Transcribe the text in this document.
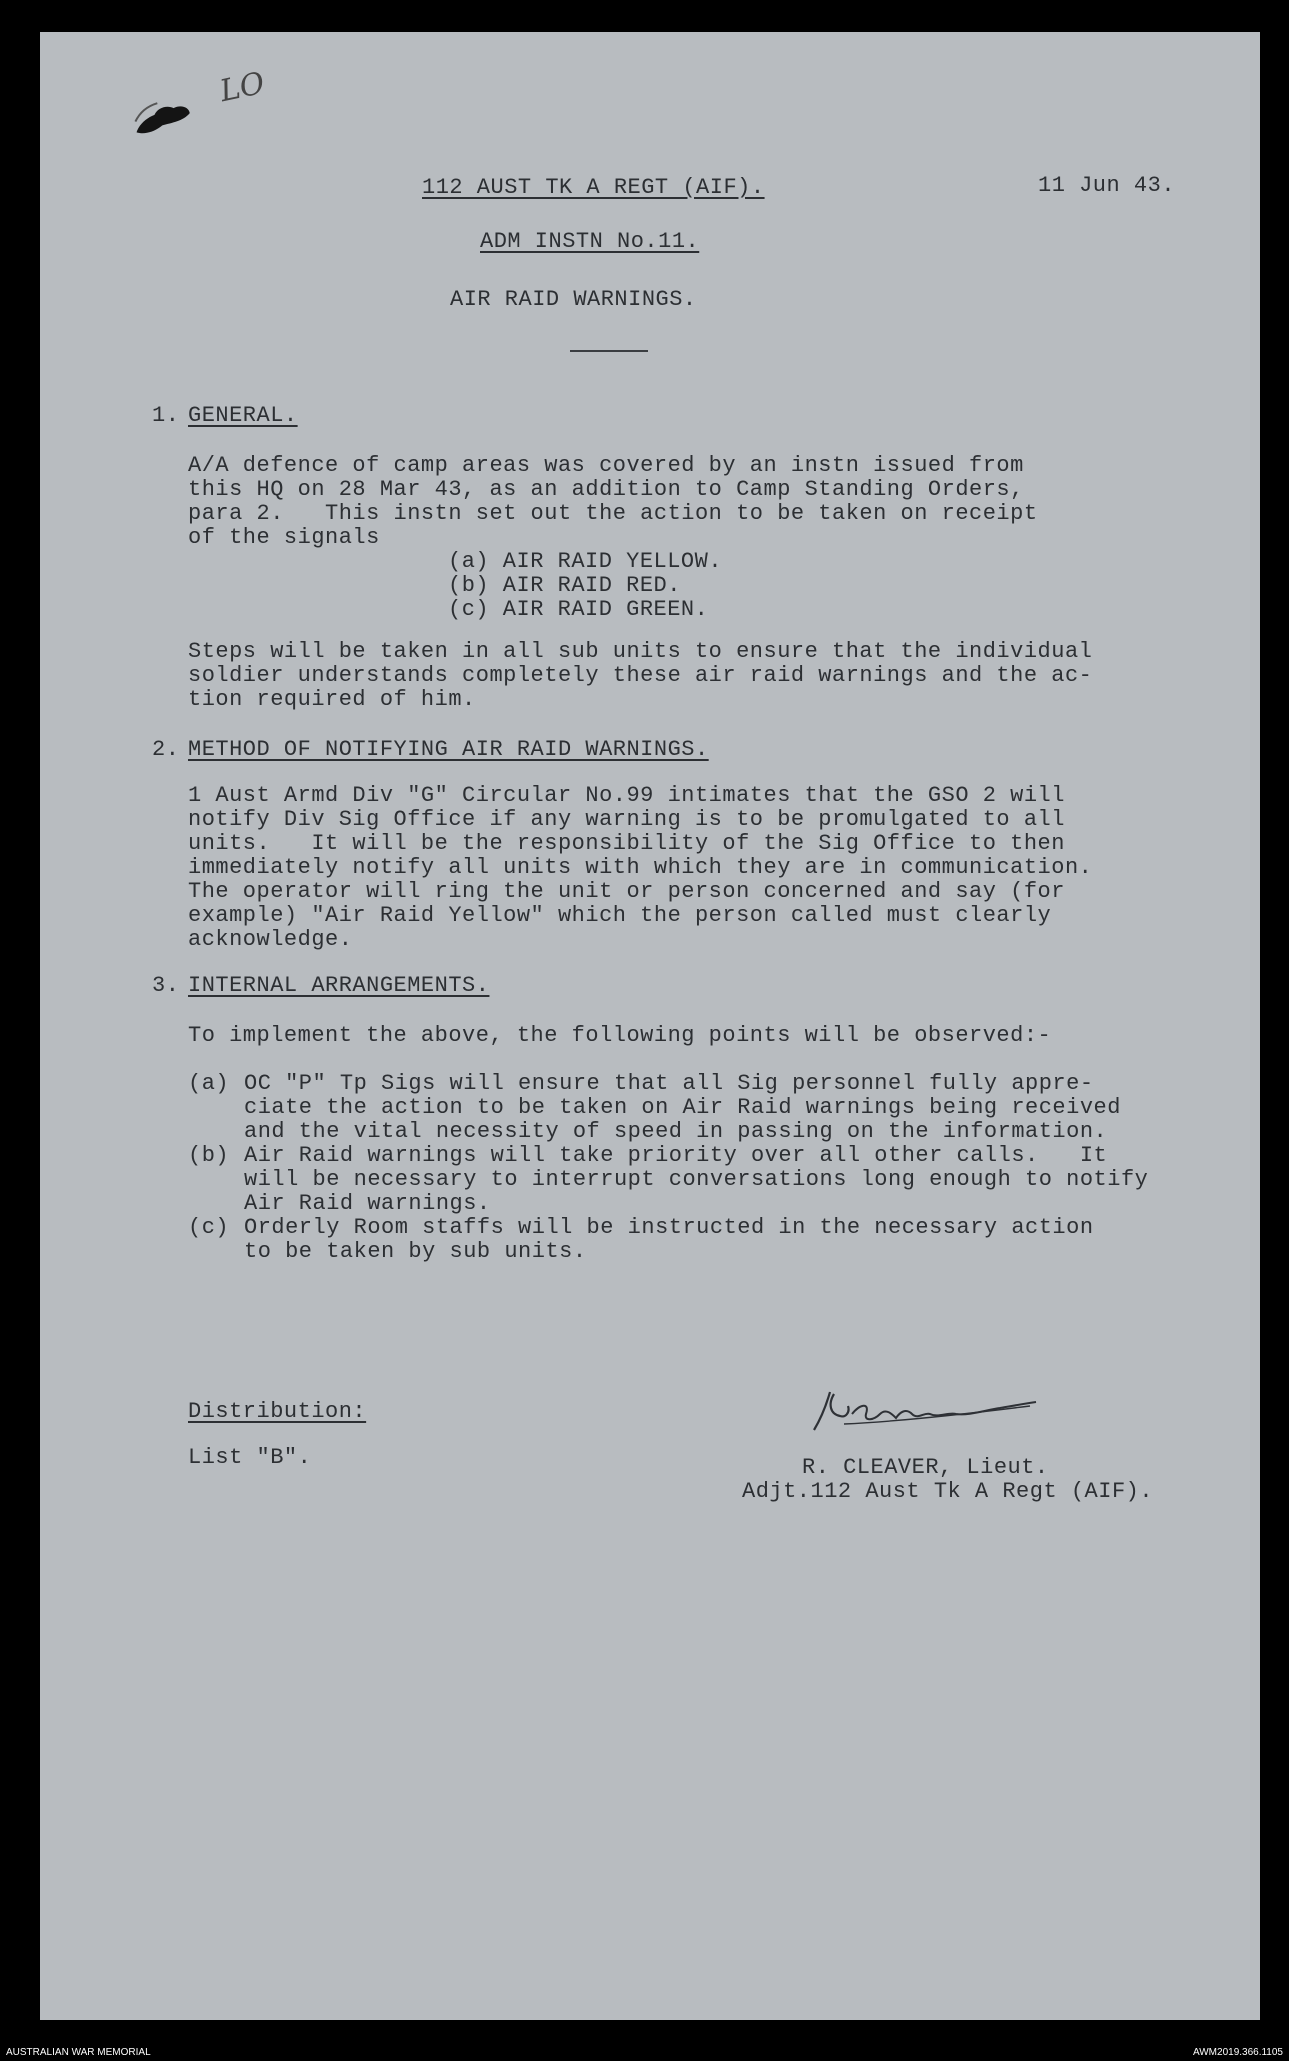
LO
112 AUST TK A REGT (AIF).	11 Jun 43.
ADM INSTN No.11.
AIR RAID WARNINGS.
1. GENERAL.
A/A defence of camp areas was covered by an instn issued from
this HQ on 28 Mar 43, as an addition to Camp Standing Orders,
para 2.   This instn set out the action to be taken on receipt
of the signals
(a) AIR RAID YELLOW.
(b) AIR RAID RED.
(c) AIR RAID GREEN.
Steps will be taken in all sub units to ensure that the individual
soldier understands completely these air raid warnings and the ac-
tion required of him.
2. METHOD OF NOTIFYING AIR RAID WARNINGS.
1 Aust Armd Div "G" Circular No.99 intimates that the GSO 2 will
notify Div Sig Office if any warning is to be promulgated to all
units.   It will be the responsibility of the Sig Office to then
immediately notify all units with which they are in communication.
The operator will ring the unit or person concerned and say (for
example) "Air Raid Yellow" which the person called must clearly
acknowledge.
3. INTERNAL ARRANGEMENTS.
To implement the above, the following points will be observed:-
(a) OC "P" Tp Sigs will ensure that all Sig personnel fully appre-
ciate the action to be taken on Air Raid warnings being received
and the vital necessity of speed in passing on the information.
(b) Air Raid warnings will take priority over all other calls.   It
will be necessary to interrupt conversations long enough to notify
Air Raid warnings.
(c) Orderly Room staffs will be instructed in the necessary action
to be taken by sub units.
Distribution:
List "B".	R. CLEAVER, Lieut.
Adjt.112 Aust Tk A Regt (AIF).
AUSTRALIAN WAR MEMORIAL	AWM2019.366.1105
